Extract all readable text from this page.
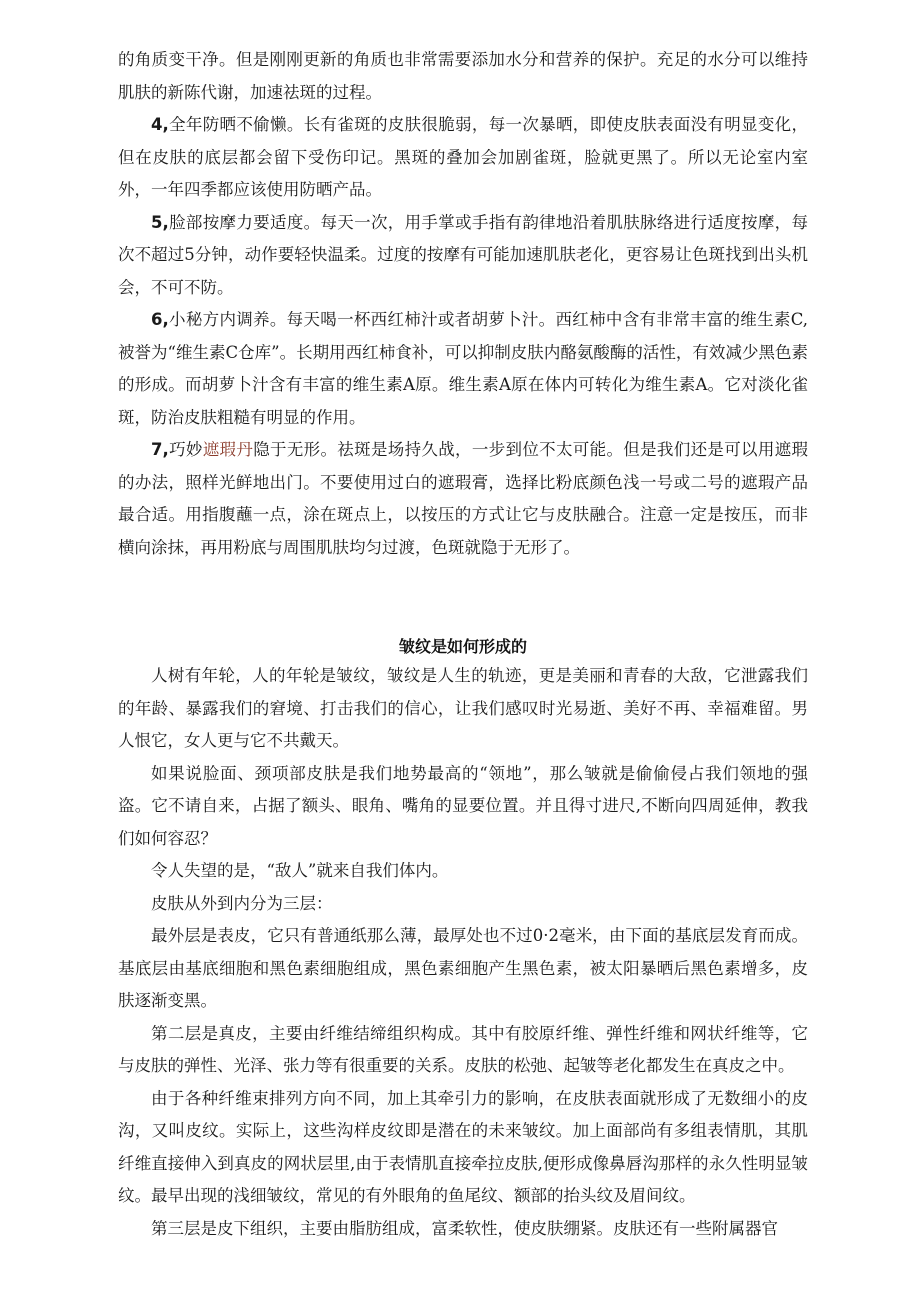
的角质变干净。但是刚刚更新的角质也非常需要添加水分和营养的保护。充足的水分可以维持肌肤的新陈代谢，加速祛斑的过程。

4,全年防晒不偷懒。长有雀斑的皮肤很脆弱，每一次暴晒，即使皮肤表面没有明显变化，但在皮肤的底层都会留下受伤印记。黑斑的叠加会加剧雀斑，脸就更黑了。所以无论室内室外，一年四季都应该使用防晒产品。

5,脸部按摩力要适度。每天一次，用手掌或手指有韵律地沿着肌肤脉络进行适度按摩，每次不超过5分钟，动作要轻快温柔。过度的按摩有可能加速肌肤老化，更容易让色斑找到出头机会，不可不防。

6,小秘方内调养。每天喝一杯西红柿汁或者胡萝卜汁。西红柿中含有非常丰富的维生素C,被誉为“维生素C仓库”。长期用西红柿食补，可以抑制皮肤内酪氨酸酶的活性，有效减少黑色素的形成。而胡萝卜汁含有丰富的维生素A原。维生素A原在体内可转化为维生素A。它对淡化雀斑，防治皮肤粗糙有明显的作用。

7,巧妙遮瑕丹隐于无形。祛斑是场持久战，一步到位不太可能。但是我们还是可以用遮瑕的办法，照样光鲜地出门。不要使用过白的遮瑕膏，选择比粉底颜色浅一号或二号的遮瑕产品最合适。用指腹蘸一点，涂在斑点上，以按压的方式让它与皮肤融合。注意一定是按压，而非横向涂抹，再用粉底与周围肌肤均匀过渡，色斑就隐于无形了。

皱纹是如何形成的

人树有年轮，人的年轮是皱纹，皱纹是人生的轨迹，更是美丽和青春的大敌，它泄露我们的年龄、暴露我们的窘境、打击我们的信心，让我们感叹时光易逝、美好不再、幸福难留。男人恨它，女人更与它不共戴天。

如果说脸面、颈项部皮肤是我们地势最高的“领地”，那么皱就是偷偷侵占我们领地的强盗。它不请自来，占据了额头、眼角、嘴角的显要位置。并且得寸进尺,不断向四周延伸，教我们如何容忍？

令人失望的是，“敌人”就来自我们体内。

皮肤从外到内分为三层：

最外层是表皮，它只有普通纸那么薄，最厚处也不过0·2毫米，由下面的基底层发育而成。基底层由基底细胞和黑色素细胞组成，黑色素细胞产生黑色素，被太阳暴晒后黑色素增多，皮肤逐渐变黑。

第二层是真皮，主要由纤维结缔组织构成。其中有胶原纤维、弹性纤维和网状纤维等，它与皮肤的弹性、光泽、张力等有很重要的关系。皮肤的松弛、起皱等老化都发生在真皮之中。

由于各种纤维束排列方向不同，加上其牵引力的影响，在皮肤表面就形成了无数细小的皮沟，又叫皮纹。实际上，这些沟样皮纹即是潜在的未来皱纹。加上面部尚有多组表情肌，其肌纤维直接伸入到真皮的网状层里,由于表情肌直接牵拉皮肤,便形成像鼻唇沟那样的永久性明显皱纹。最早出现的浅细皱纹，常见的有外眼角的鱼尾纹、额部的抬头纹及眉间纹。

第三层是皮下组织，主要由脂肪组成，富柔软性，使皮肤绷紧。皮肤还有一些附属器官
